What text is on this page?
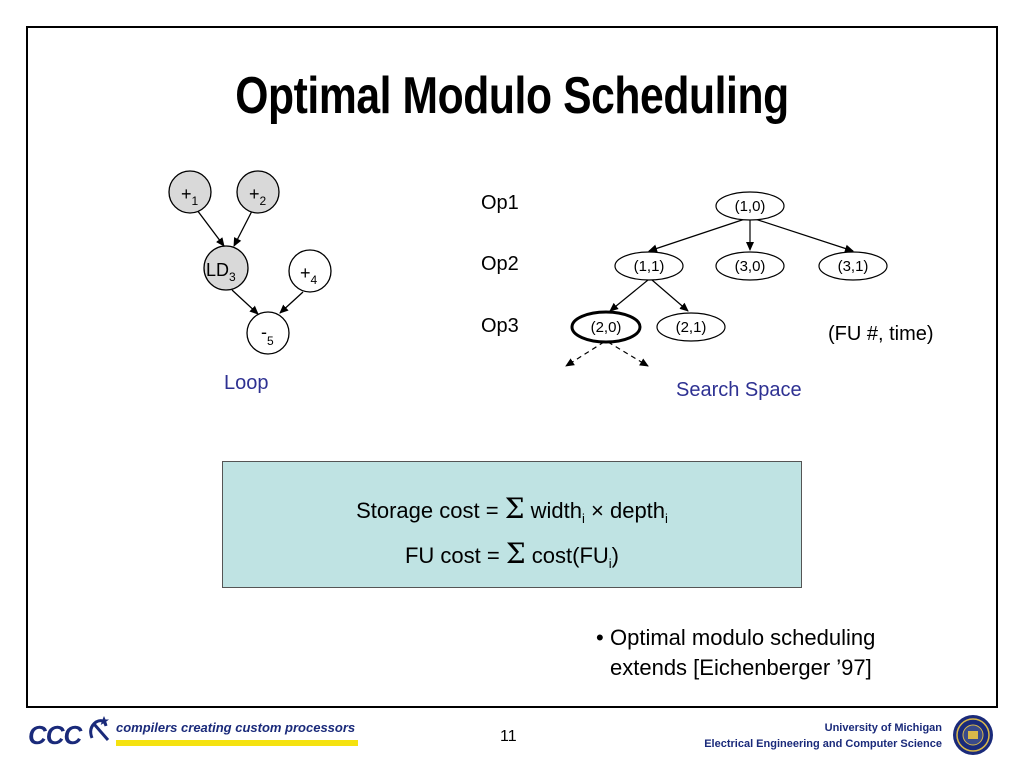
Optimal Modulo Scheduling
$+_1$	$+_2$
$LD_3$	$+_4$
$-_5$
Loop
Op1
Op2
Op3
(1,0)
(1,1)	(3,0)	(3,1)
(2,0)	(2,1)	(FU #, time)
Search Space
Storage cost = Σ width$_i$ × depth$_i$
FU cost = Σ $\cos t(FU_i)$
• Optimal modulo scheduling
extends [Eichenberger ’97]
CCC	compilers creating custom processors
11	University of Michigan
Electrical Engineering and Computer Science
